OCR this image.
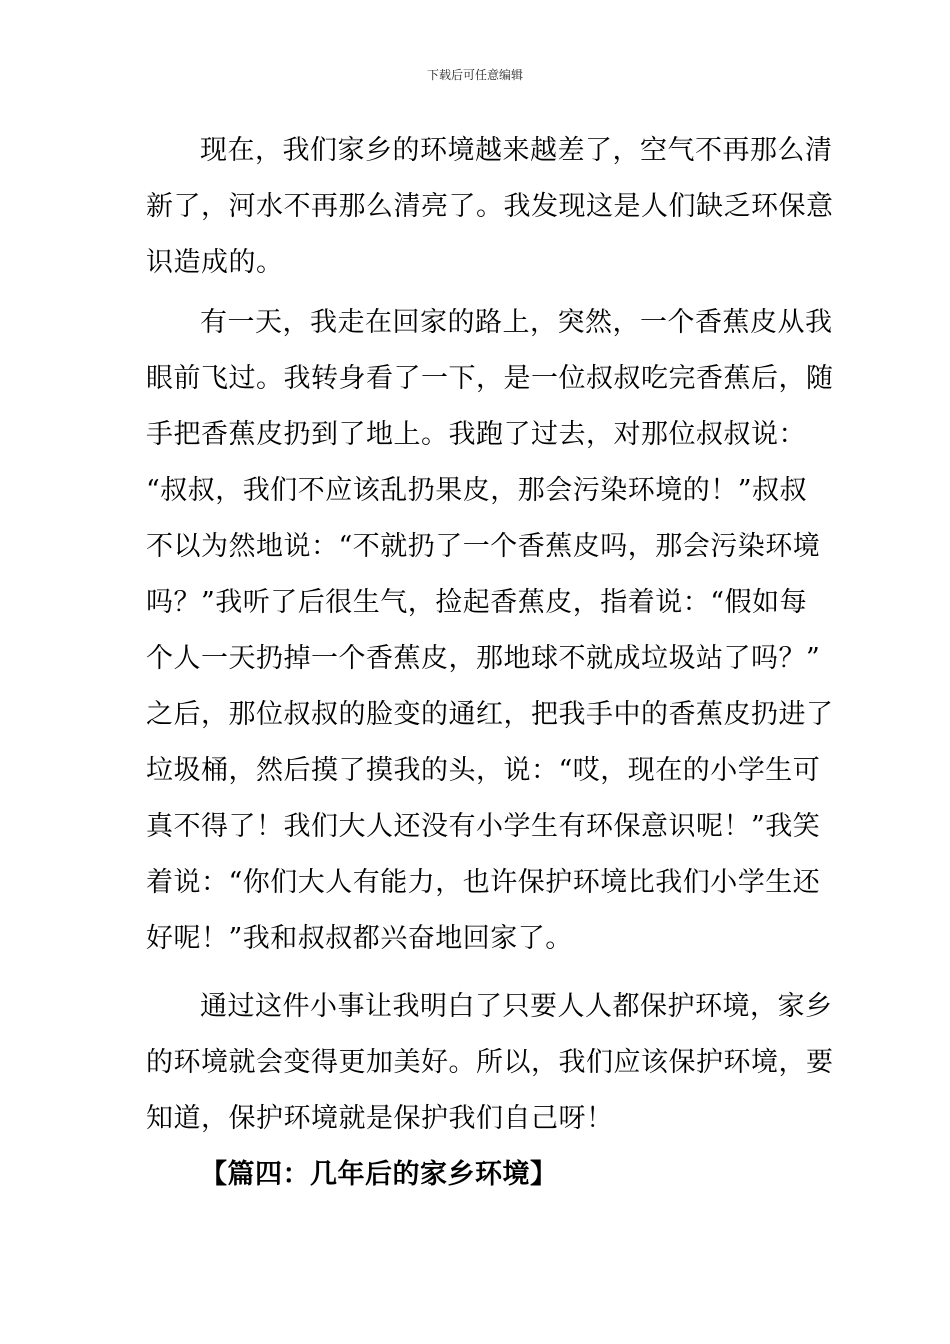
下载后可任意编辑
现在，我们家乡的环境越来越差了，空气不再那么清
新了，河水不再那么清亮了。我发现这是人们缺乏环保意
识造成的。
有一天，我走在回家的路上，突然，一个香蕉皮从我
眼前飞过。我转身看了一下，是一位叔叔吃完香蕉后，随
手把香蕉皮扔到了地上。我跑了过去，对那位叔叔说：
“叔叔，我们不应该乱扔果皮，那会污染环境的！”叔叔
不以为然地说：“不就扔了一个香蕉皮吗，那会污染环境
吗？”我听了后很生气，捡起香蕉皮，指着说：“假如每
个人一天扔掉一个香蕉皮，那地球不就成垃圾站了吗？”
之后，那位叔叔的脸变的通红，把我手中的香蕉皮扔进了
垃圾桶，然后摸了摸我的头，说：“哎，现在的小学生可
真不得了！我们大人还没有小学生有环保意识呢！”我笑
着说：“你们大人有能力，也许保护环境比我们小学生还
好呢！”我和叔叔都兴奋地回家了。
通过这件小事让我明白了只要人人都保护环境，家乡
的环境就会变得更加美好。所以，我们应该保护环境，要
知道，保护环境就是保护我们自己呀！
【篇四：几年后的家乡环境】
